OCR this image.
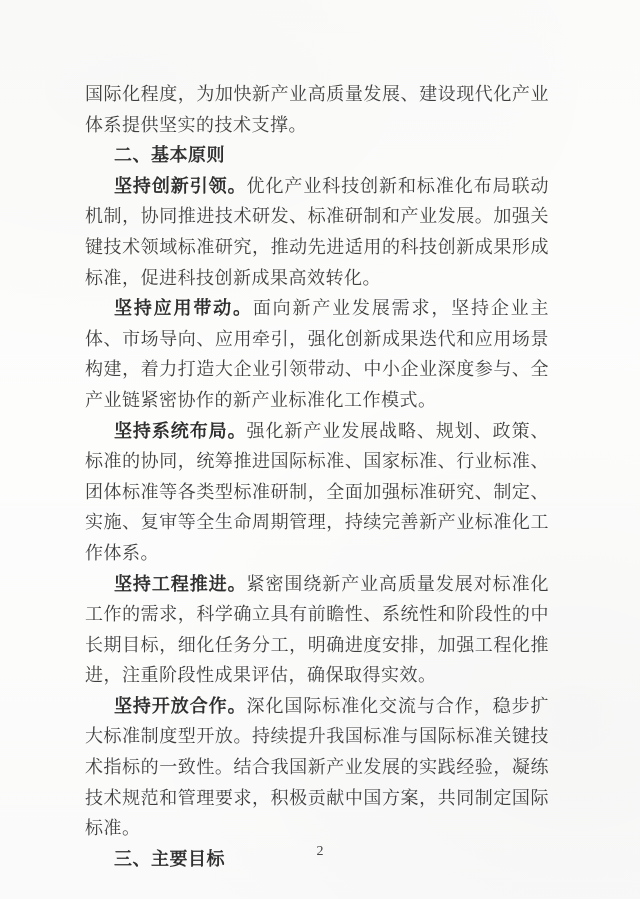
国际化程度，为加快新产业高质量发展、建设现代化产业体系提供坚实的技术支撑。

二、基本原则

坚持创新引领。优化产业科技创新和标准化布局联动机制，协同推进技术研发、标准研制和产业发展。加强关键技术领域标准研究，推动先进适用的科技创新成果形成标准，促进科技创新成果高效转化。

坚持应用带动。面向新产业发展需求，坚持企业主体、市场导向、应用牵引，强化创新成果迭代和应用场景构建，着力打造大企业引领带动、中小企业深度参与、全产业链紧密协作的新产业标准化工作模式。

坚持系统布局。强化新产业发展战略、规划、政策、标准的协同，统筹推进国际标准、国家标准、行业标准、团体标准等各类型标准研制，全面加强标准研究、制定、实施、复审等全生命周期管理，持续完善新产业标准化工作体系。

坚持工程推进。紧密围绕新产业高质量发展对标准化工作的需求，科学确立具有前瞻性、系统性和阶段性的中长期目标，细化任务分工，明确进度安排，加强工程化推进，注重阶段性成果评估，确保取得实效。

坚持开放合作。深化国际标准化交流与合作，稳步扩大标准制度型开放。持续提升我国标准与国际标准关键技术指标的一致性。结合我国新产业发展的实践经验，凝练技术规范和管理要求，积极贡献中国方案，共同制定国际标准。

三、主要目标	2
